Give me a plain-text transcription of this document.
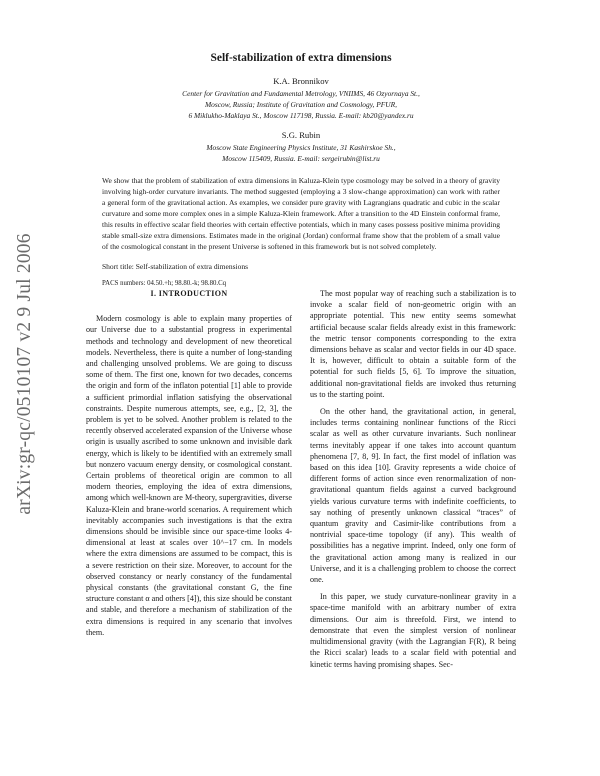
arXiv:gr-qc/0510107 v2 9 Jul 2006
Self-stabilization of extra dimensions
K.A. Bronnikov

Center for Gravitation and Fundamental Metrology, VNIIMS, 46 Ozyornaya St.,

Moscow, Russia; Institute of Gravitation and Cosmology, PFUR,

6 Miklukho-Maklaya St., Moscow 117198, Russia. E-mail: kb20@yandex.ru

S.G. Rubin

Moscow State Engineering Physics Institute, 31 Kashirskoe Sh.,

Moscow 115409, Russia. E-mail: sergeirubin@list.ru

We show that the problem of stabilization of extra dimensions in Kaluza-Klein type cosmology may be solved in a theory of gravity involving high-order curvature invariants. The method suggested (employing a 3 slow-change approximation) can work with rather a general form of the gravitational action. As examples, we consider pure gravity with Lagrangians quadratic and cubic in the scalar curvature and some more complex ones in a simple Kaluza-Klein framework. After a transition to the 4D Einstein conformal frame, this results in effective scalar field theories with certain effective potentials, which in many cases possess positive minima providing stable small-size extra dimensions. Estimates made in the original (Jordan) conformal frame show that the problem of a small value of the cosmological constant in the present Universe is softened in this framework but is not solved completely.

Short title: Self-stabilization of extra dimensions

PACS numbers: 04.50.+h; 98.80.-k; 98.80.Cq

I. INTRODUCTION

Modern cosmology is able to explain many properties of our Universe due to a substantial progress in experimental methods and technology and development of new theoretical models. Nevertheless, there is quite a number of long-standing and challenging unsolved problems. We are going to discuss some of them. The first one, known for two decades, concerns the origin and form of the inflaton potential [1] able to provide a sufficient primordial inflation satisfying the observational constraints. Despite numerous attempts, see, e.g., [2, 3], the problem is yet to be solved. Another problem is related to the recently observed accelerated expansion of the Universe whose origin is usually ascribed to some unknown and invisible dark energy, which is likely to be identified with an extremely small but nonzero vacuum energy density, or cosmological constant. Certain problems of theoretical origin are common to all modern theories, employing the idea of extra dimensions, among which well-known are M-theory, supergravities, diverse Kaluza-Klein and brane-world scenarios. A requirement which inevitably accompanies such investigations is that the extra dimensions should be invisible since our space-time looks 4-dimensional at least at scales over 10^−17 cm. In models where the extra dimensions are assumed to be compact, this is a severe restriction on their size. Moreover, to account for the observed constancy or nearly constancy of the fundamental physical constants (the gravitational constant G, the fine structure constant α and others [4]), this size should be constant and stable, and therefore a mechanism of stabilization of the extra dimensions is required in any scenario that involves them.

The most popular way of reaching such a stabilization is to invoke a scalar field of non-geometric origin with an appropriate potential. This new entity seems somewhat artificial because scalar fields already exist in this framework: the metric tensor components corresponding to the extra dimensions behave as scalar and vector fields in our 4D space. It is, however, difficult to obtain a suitable form of the potential for such fields [5, 6]. To improve the situation, additional non-gravitational fields are invoked thus returning us to the starting point.

On the other hand, the gravitational action, in general, includes terms containing nonlinear functions of the Ricci scalar as well as other curvature invariants. Such nonlinear terms inevitably appear if one takes into account quantum phenomena [7, 8, 9]. In fact, the first model of inflation was based on this idea [10]. Gravity represents a wide choice of different forms of action since even renormalization of non-gravitational quantum fields against a curved background yields various curvature terms with indefinite coefficients, to say nothing of presently unknown classical “traces” of quantum gravity and Casimir-like contributions from a nontrivial space-time topology (if any). This wealth of possibilities has a negative imprint. Indeed, only one form of the gravitational action among many is realized in our Universe, and it is a challenging problem to choose the correct one.

In this paper, we study curvature-nonlinear gravity in a space-time manifold with an arbitrary number of extra dimensions. Our aim is threefold. First, we intend to demonstrate that even the simplest version of nonlinear multidimensional gravity (with the Lagrangian F(R), R being the Ricci scalar) leads to a scalar field with potential and kinetic terms having promising shapes. Sec-
